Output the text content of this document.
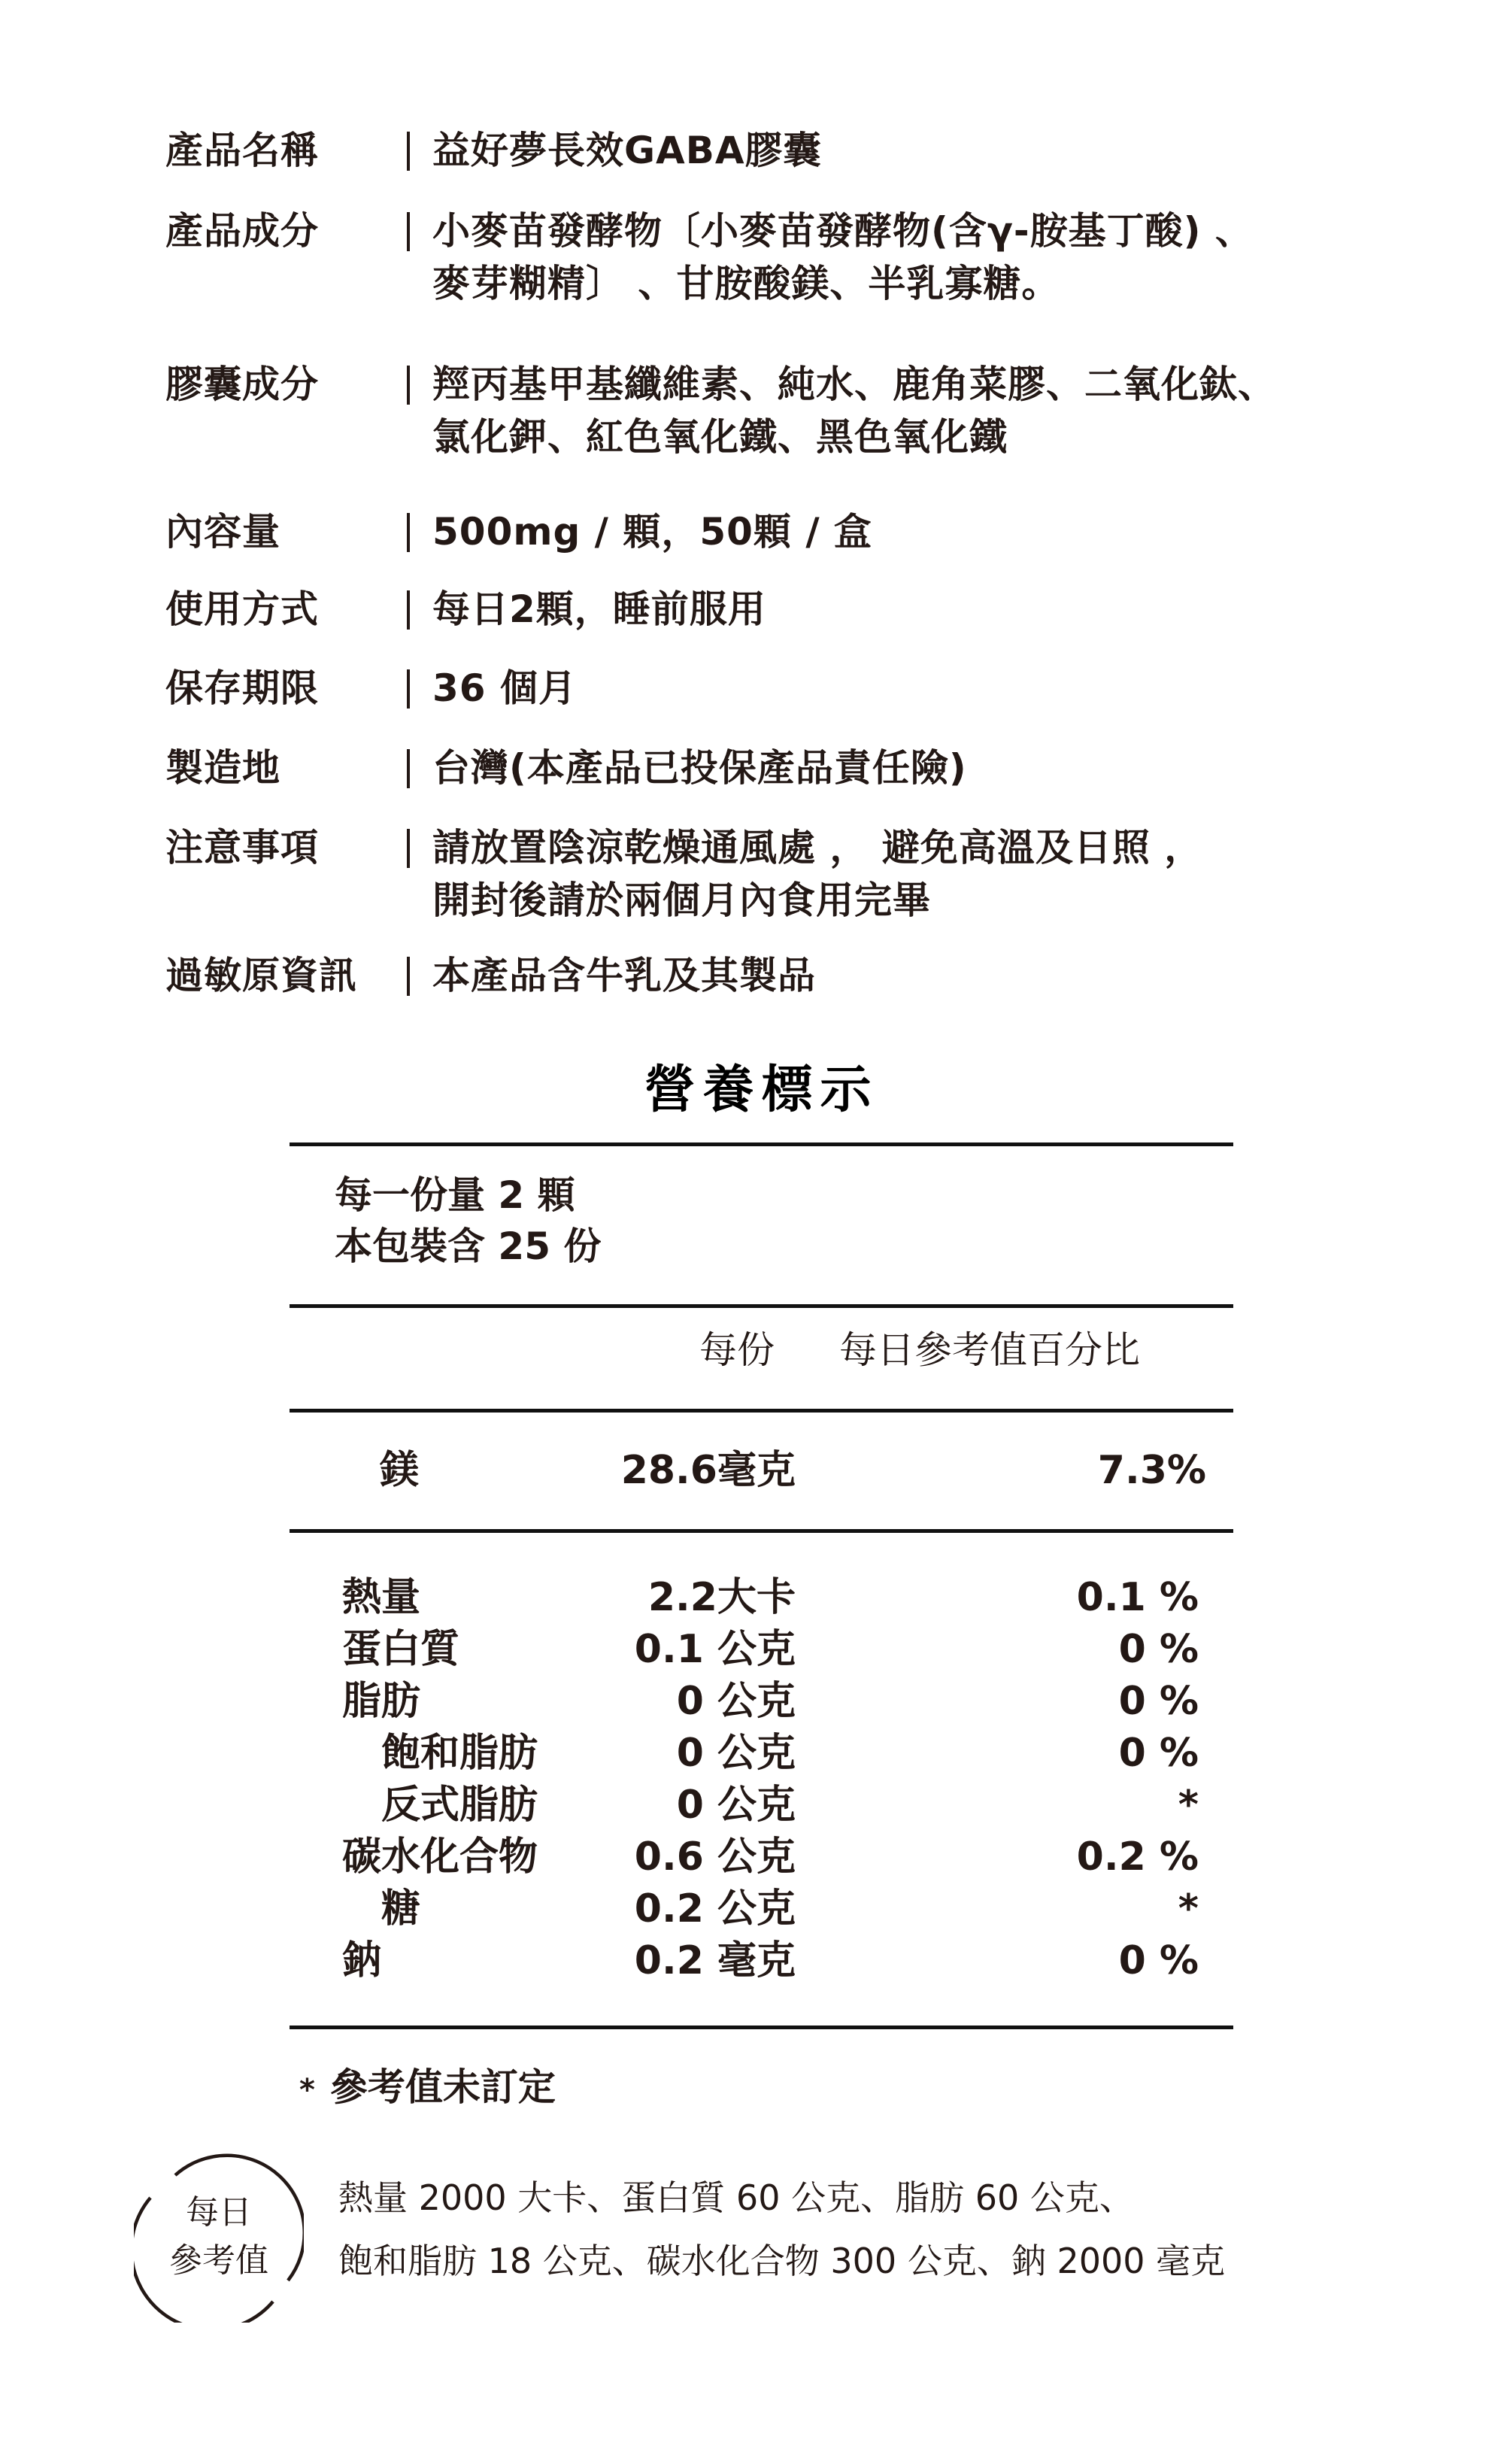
產品名稱	益好夢長效GABA膠囊
產品成分	小麥苗發酵物〔小麥苗發酵物(含γ-胺基丁酸) 、
麥芽糊精〕 、甘胺酸鎂、半乳寡糖。
膠囊成分	羥丙基甲基纖維素、純水、鹿角菜膠、二氧化鈦、
氯化鉀、紅色氧化鐵、黑色氧化鐵
內容量	500mg / 顆，50顆 / 盒
使用方式	每日2顆，睡前服用
保存期限	36 個月
製造地	台灣(本產品已投保產品責任險)
注意事項	請放置陰涼乾燥通風處 ， 避免高溫及日照 ，
開封後請於兩個月內食用完畢
過敏原資訊	本產品含牛乳及其製品
營養標示
每一份量 2 顆
本包裝含 25 份
每份 每日參考值百分比
鎂	28.6毫克	7.3%
熱量	2.2大卡	0.1 %
蛋白質	0.1 公克	0 %
脂肪	0 公克	0 %
飽和脂肪	0 公克	0 %
反式脂肪	0 公克	*
碳水化合物 0.6 公克	0.2 %
糖	0.2 公克	*
鈉	0.2 毫克	0 %
* 參考值未訂定
每日
參考值
熱量 2000 大卡、蛋白質 60 公克、脂肪 60 公克、
飽和脂肪 18 公克、碳水化合物 300 公克、鈉 2000 毫克
